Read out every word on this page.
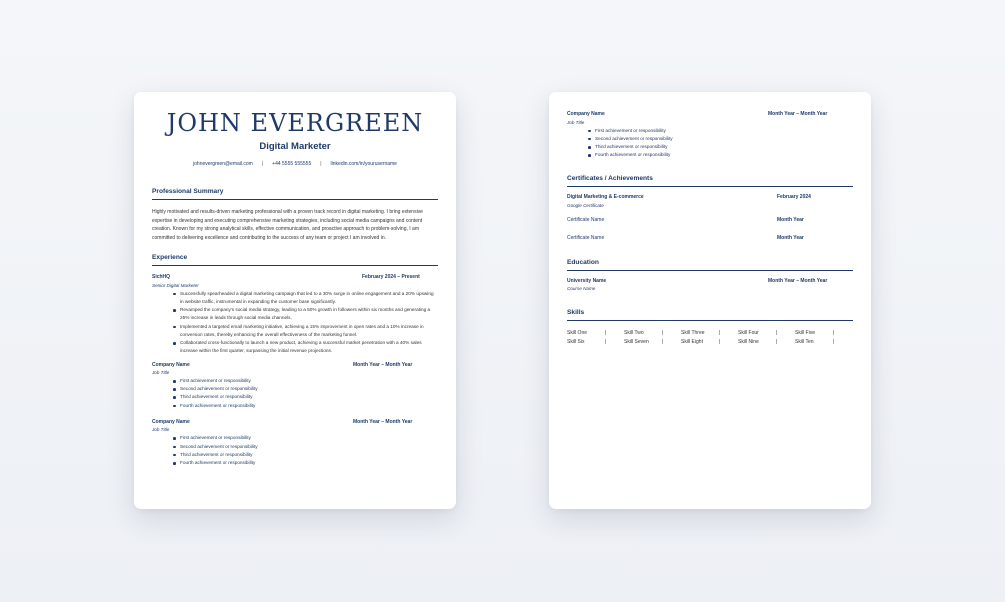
JOHN EVERGREEN
Digital Marketer
johnevergreen@email.com | +44 5555 555555 | linkedin.com/in/yourusername
Professional Summary
Highly motivated and results-driven marketing professional with a proven track record in digital marketing. I bring extensive expertise in developing and executing comprehensive marketing strategies, including social media campaigns and content creation. Known for my strong analytical skills, effective communication, and proactive approach to problem-solving, I am committed to delivering excellence and contributing to the success of any team or project I am involved in.
Experience
SichHQ	February 2024 – Present
Senior Digital Marketer
Successfully spearheaded a digital marketing campaign that led to a 30% surge in online engagement and a 20% upswing in website traffic, instrumental in expanding the customer base significantly.
Revamped the company's social media strategy, leading to a 50% growth in followers within six months and generating a 25% increase in leads through social media channels.
Implemented a targeted email marketing initiative, achieving a 15% improvement in open rates and a 10% increase in conversion rates, thereby enhancing the overall effectiveness of the marketing funnel.
Collaborated cross-functionally to launch a new product, achieving a successful market penetration with a 40% sales increase within the first quarter, surpassing the initial revenue projections.
Company Name	Month Year – Month Year
Job Title
First achievement or responsibility
Second achievement or responsibility
Third achievement or responsibility
Fourth achievement or responsibility
Company Name	Month Year – Month Year
Job Title
First achievement or responsibility
Second achievement or responsibility
Third achievement or responsibility
Fourth achievement or responsibility
Company Name	Month Year – Month Year
Job Title
First achievement or responsibility
Second achievement or responsibility
Third achievement or responsibility
Fourth achievement or responsibility
Certificates / Achievements
Digital Marketing & E-commerce	February 2024
Google Certificate
Certificate Name	Month Year
Certificate Name	Month Year
Education
University Name	Month Year – Month Year
Course Name
Skills
Skill One	|	Skill Two	|	Skill Three	|	Skill Four	|	Skill Five	|
Skill Six	|	Skill Seven	|	Skill Eight	|	Skill Nine	|	Skill Ten	|
